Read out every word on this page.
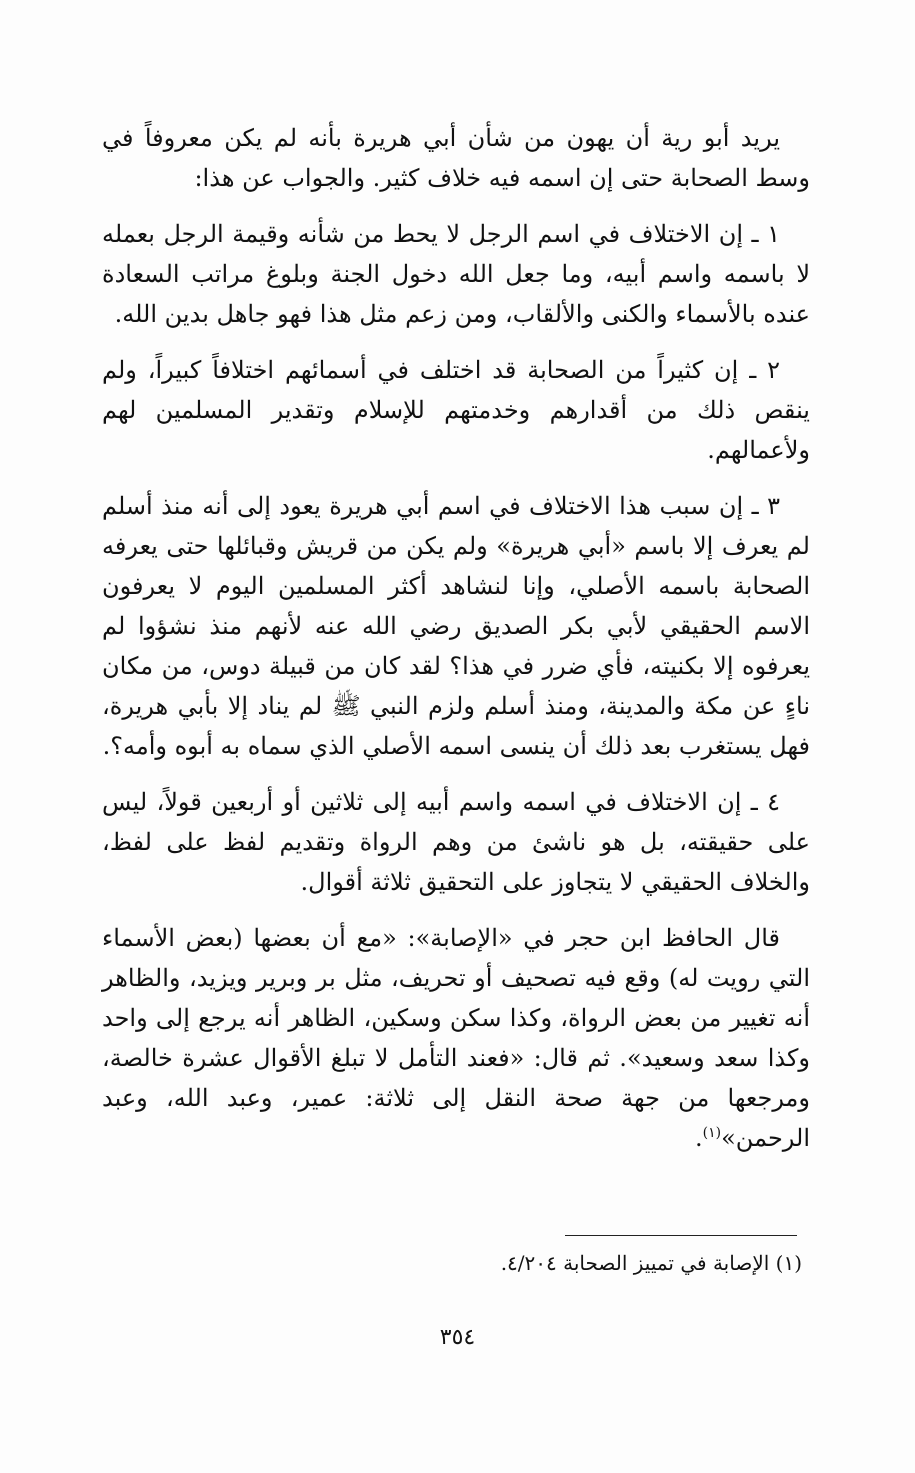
يريد أبو رية أن يهون من شأن أبي هريرة بأنه لم يكن معروفاً في وسط الصحابة حتى إن اسمه فيه خلاف كثير. والجواب عن هذا:

١ ـ إن الاختلاف في اسم الرجل لا يحط من شأنه وقيمة الرجل بعمله لا باسمه واسم أبيه، وما جعل الله دخول الجنة وبلوغ مراتب السعادة عنده بالأسماء والكنى والألقاب، ومن زعم مثل هذا فهو جاهل بدين الله.

٢ ـ إن كثيراً من الصحابة قد اختلف في أسمائهم اختلافاً كبيراً، ولم ينقص ذلك من أقدارهم وخدمتهم للإسلام وتقدير المسلمين لهم ولأعمالهم.

٣ ـ إن سبب هذا الاختلاف في اسم أبي هريرة يعود إلى أنه منذ أسلم لم يعرف إلا باسم «أبي هريرة» ولم يكن من قريش وقبائلها حتى يعرفه الصحابة باسمه الأصلي، وإنا لنشاهد أكثر المسلمين اليوم لا يعرفون الاسم الحقيقي لأبي بكر الصديق رضي الله عنه لأنهم منذ نشؤوا لم يعرفوه إلا بكنيته، فأي ضرر في هذا؟ لقد كان من قبيلة دوس، من مكان ناءٍ عن مكة والمدينة، ومنذ أسلم ولزم النبي ﷺ لم يناد إلا بأبي هريرة، فهل يستغرب بعد ذلك أن ينسى اسمه الأصلي الذي سماه به أبوه وأمه؟.

٤ ـ إن الاختلاف في اسمه واسم أبيه إلى ثلاثين أو أربعين قولاً، ليس على حقيقته، بل هو ناشئ من وهم الرواة وتقديم لفظ على لفظ، والخلاف الحقيقي لا يتجاوز على التحقيق ثلاثة أقوال.

قال الحافظ ابن حجر في «الإصابة»: «مع أن بعضها (بعض الأسماء التي رويت له) وقع فيه تصحيف أو تحريف، مثل بر وبرير ويزيد، والظاهر أنه تغيير من بعض الرواة، وكذا سكن وسكين، الظاهر أنه يرجع إلى واحد وكذا سعد وسعيد». ثم قال: «فعند التأمل لا تبلغ الأقوال عشرة خالصة، ومرجعها من جهة صحة النقل إلى ثلاثة: عمير، وعبد الله، وعبد الرحمن»$^{(١)}$.

(١) الإصابة في تمييز الصحابة ٤/٢٠٤.
٣٥٤
